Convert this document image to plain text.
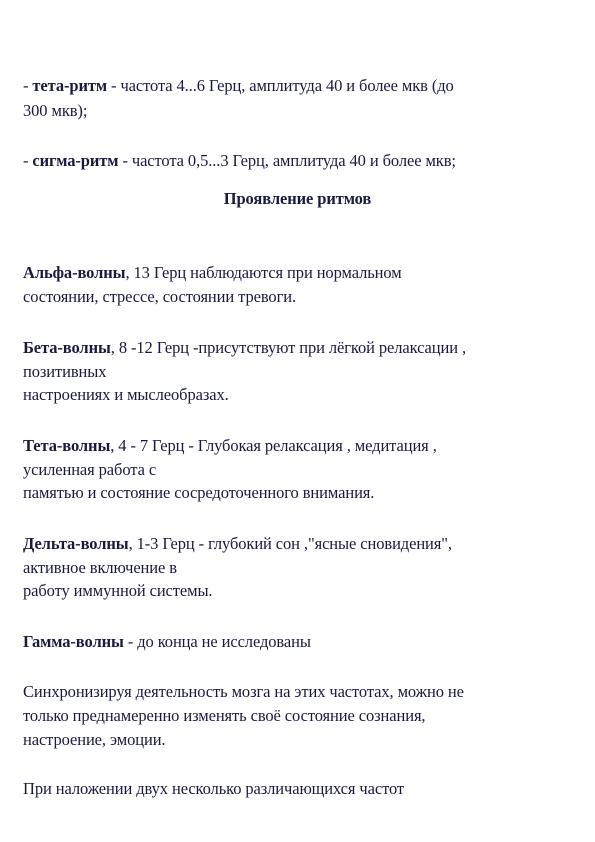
- тета-ритм - частота 4...6 Герц, амплитуда 40 и более мкв (до
300 мкв);
- сигма-ритм - частота 0,5...3 Герц, амплитуда 40 и более мкв;
Проявление ритмов
Альфа-волны, 13 Герц наблюдаются при нормальном
состоянии, стрессе, состоянии тревоги.
Бета-волны, 8 -12 Герц -присутствуют при лёгкой релаксации ,
позитивных
настроениях и мыслеобразах.
Тета-волны, 4 - 7 Герц - Глубокая релаксация , медитация ,
усиленная работа с
памятью и состояние сосредоточенного внимания.
Дельта-волны, 1-3 Герц - глубокий сон ,"ясные сновидения",
активное включение в
работу иммунной системы.
Гамма-волны - до конца не исследованы
Синхронизируя деятельность мозга на этих частотах, можно не
только преднамеренно изменять своё состояние сознания,
настроение, эмоции.
При наложении двух несколько различающихся частот
